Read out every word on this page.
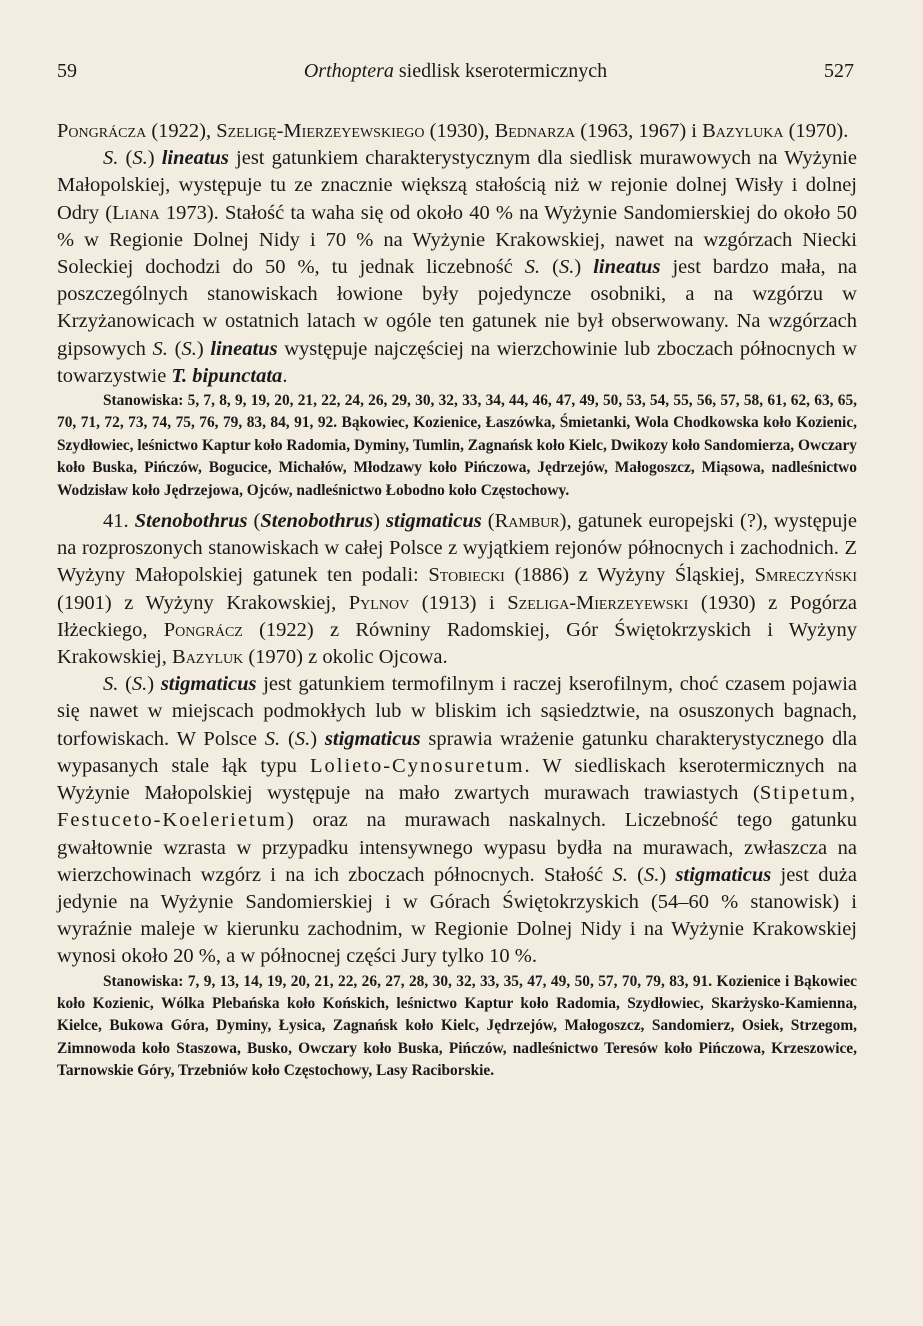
59	Orthoptera siedlisk kserotermicznych	527

Pongrácza (1922), Szeligę-Mierzeyewskiego (1930), Bednarza (1963, 1967) i Bazyluka (1970).

S. (S.) lineatus jest gatunkiem charakterystycznym dla siedlisk murawowych na Wyżynie Małopolskiej, występuje tu ze znacznie większą stałością niż w rejonie dolnej Wisły i dolnej Odry (Liana 1973). Stałość ta waha się od około 40 % na Wyżynie Sandomierskiej do około 50 % w Regionie Dolnej Nidy i 70 % na Wyżynie Krakowskiej, nawet na wzgórzach Niecki Soleckiej dochodzi do 50 %, tu jednak liczebność S. (S.) lineatus jest bardzo mała, na poszczególnych stanowiskach łowione były pojedyncze osobniki, a na wzgórzu w Krzyżanowicach w ostatnich latach w ogóle ten gatunek nie był obserwowany. Na wzgórzach gipsowych S. (S.) lineatus występuje najczęściej na wierzchowinie lub zboczach północnych w towarzystwie T. bipunctata.

Stanowiska: 5, 7, 8, 9, 19, 20, 21, 22, 24, 26, 29, 30, 32, 33, 34, 44, 46, 47, 49, 50, 53, 54, 55, 56, 57, 58, 61, 62, 63, 65, 70, 71, 72, 73, 74, 75, 76, 79, 83, 84, 91, 92. Bąkowiec, Kozienice, Łaszówka, Śmietanki, Wola Chodkowska koło Kozienic, Szydłowiec, leśnictwo Kaptur koło Radomia, Dyminy, Tumlin, Zagnańsk koło Kielc, Dwikozy koło Sandomierza, Owczary koło Buska, Pińczów, Bogucice, Michałów, Młodzawy koło Pińczowa, Jędrzejów, Małogoszcz, Miąsowa, nadleśnictwo Wodzisław koło Jędrzejowa, Ojców, nadleśnictwo Łobodno koło Częstochowy.

41. Stenobothrus (Stenobothrus) stigmaticus (Rambur), gatunek europejski (?), występuje na rozproszonych stanowiskach w całej Polsce z wyjątkiem rejonów północnych i zachodnich. Z Wyżyny Małopolskiej gatunek ten podali: Stobiecki (1886) z Wyżyny Śląskiej, Smreczyński (1901) z Wyżyny Krakowskiej, Pylnov (1913) i Szeliga-Mierzeyewski (1930) z Pogórza Iłżeckiego, Pongrácz (1922) z Równiny Radomskiej, Gór Świętokrzyskich i Wyżyny Krakowskiej, Bazyluk (1970) z okolic Ojcowa.

S. (S.) stigmaticus jest gatunkiem termofilnym i raczej kserofilnym, choć czasem pojawia się nawet w miejscach podmokłych lub w bliskim ich sąsiedztwie, na osuszonych bagnach, torfowiskach. W Polsce S. (S.) stigmaticus sprawia wrażenie gatunku charakterystycznego dla wypasanych stale łąk typu Lolieto-Cynosuretum. W siedliskach kserotermicznych na Wyżynie Małopolskiej występuje na mało zwartych murawach trawiastych (Stipetum, Festuceto-Koelerietum) oraz na murawach naskalnych. Liczebność tego gatunku gwałtownie wzrasta w przypadku intensywnego wypasu bydła na murawach, zwłaszcza na wierzchowinach wzgórz i na ich zboczach północnych. Stałość S. (S.) stigmaticus jest duża jedynie na Wyżynie Sandomierskiej i w Górach Świętokrzyskich (54–60 % stanowisk) i wyraźnie maleje w kierunku zachodnim, w Regionie Dolnej Nidy i na Wyżynie Krakowskiej wynosi około 20 %, a w północnej części Jury tylko 10 %.

Stanowiska: 7, 9, 13, 14, 19, 20, 21, 22, 26, 27, 28, 30, 32, 33, 35, 47, 49, 50, 57, 70, 79, 83, 91. Kozienice i Bąkowiec koło Kozienic, Wólka Plebańska koło Końskich, leśnictwo Kaptur koło Radomia, Szydłowiec, Skarżysko-Kamienna, Kielce, Bukowa Góra, Dyminy, Łysica, Zagnańsk koło Kielc, Jędrzejów, Małogoszcz, Sandomierz, Osiek, Strzegom, Zimnowoda koło Staszowa, Busko, Owczary koło Buska, Pińczów, nadleśnictwo Teresów koło Pińczowa, Krzeszowice, Tarnowskie Góry, Trzebniów koło Częstochowy, Lasy Raciborskie.
